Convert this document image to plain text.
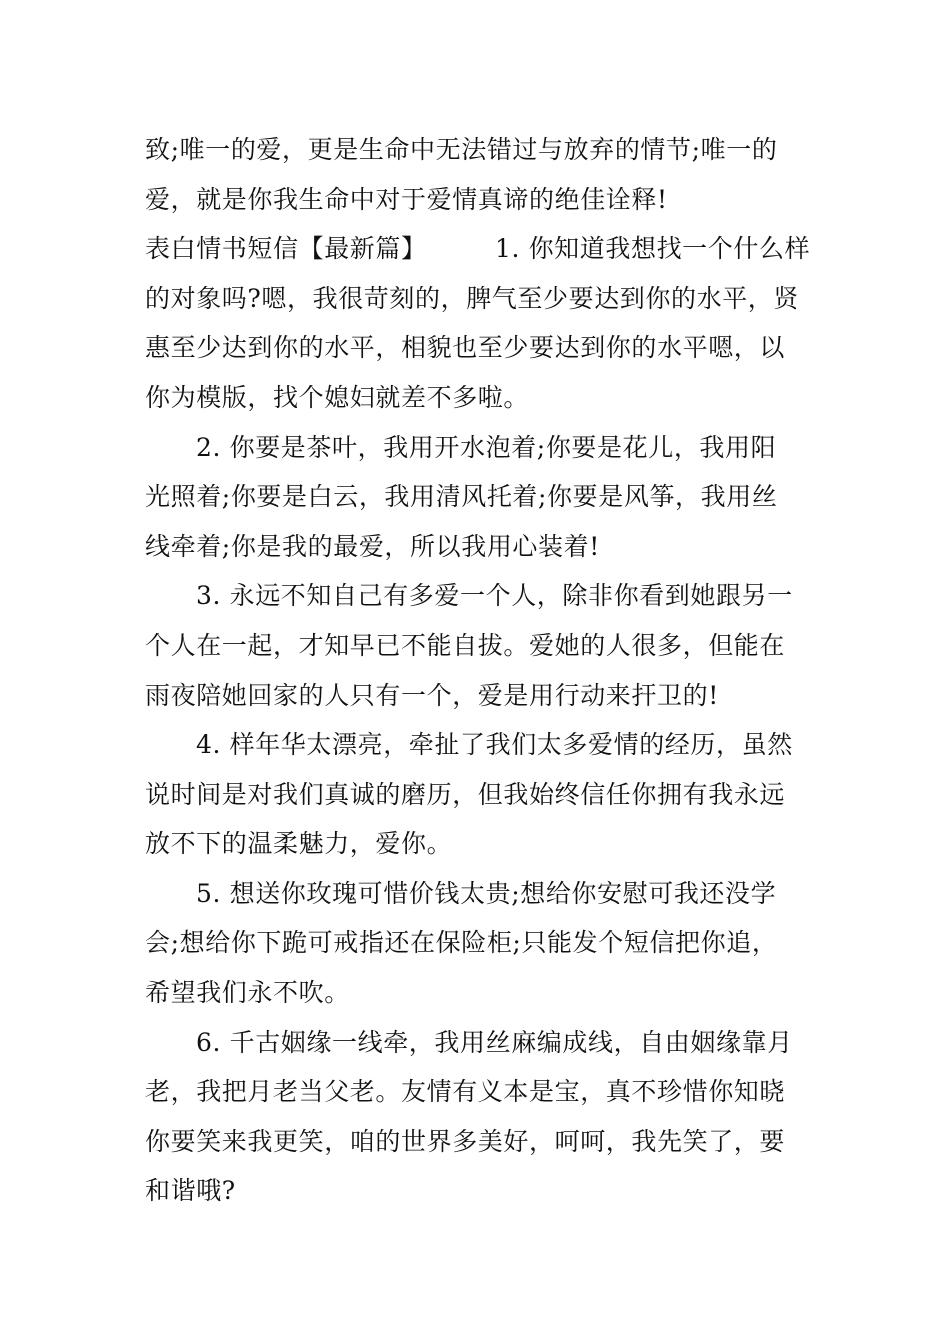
致;唯一的爱，更是生命中无法错过与放弃的情节;唯一的
爱，就是你我生命中对于爱情真谛的绝佳诠释!
表白情书短信【最新篇】        1. 你知道我想找一个什么样
的对象吗?嗯，我很苛刻的，脾气至少要达到你的水平，贤
惠至少达到你的水平，相貌也至少要达到你的水平嗯，以
你为模版，找个媳妇就差不多啦。
2. 你要是茶叶，我用开水泡着;你要是花儿，我用阳
光照着;你要是白云，我用清风托着;你要是风筝，我用丝
线牵着;你是我的最爱，所以我用心装着!
3. 永远不知自己有多爱一个人，除非你看到她跟另一
个人在一起，才知早已不能自拔。爱她的人很多，但能在
雨夜陪她回家的人只有一个，爱是用行动来扞卫的!
4. 样年华太漂亮，牵扯了我们太多爱情的经历，虽然
说时间是对我们真诚的磨历，但我始终信任你拥有我永远
放不下的温柔魅力，爱你。
5. 想送你玫瑰可惜价钱太贵;想给你安慰可我还没学
会;想给你下跪可戒指还在保险柜;只能发个短信把你追，
希望我们永不吹。
6. 千古姻缘一线牵，我用丝麻编成线，自由姻缘靠月
老，我把月老当父老。友情有义本是宝，真不珍惜你知晓
你要笑来我更笑，咱的世界多美好，呵呵，我先笑了，要
和谐哦?
